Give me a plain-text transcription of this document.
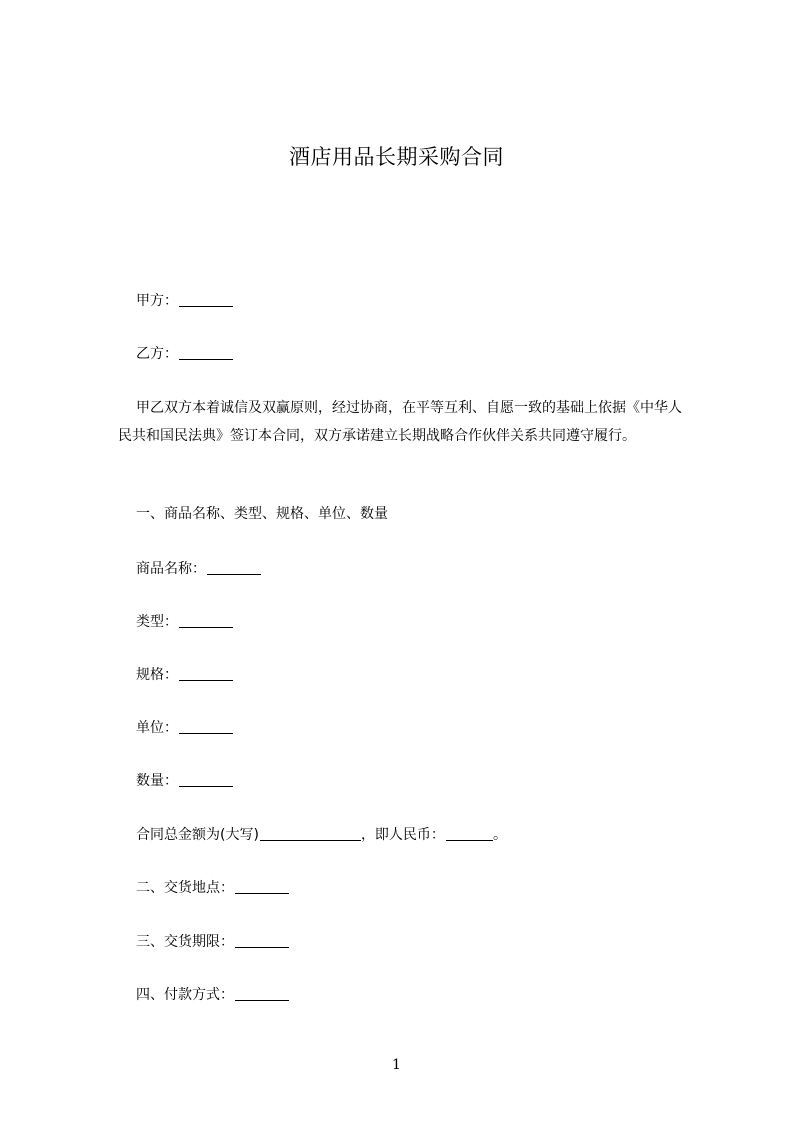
酒店用品长期采购合同
甲方：
乙方：
甲乙双方本着诚信及双赢原则，经过协商，在平等互利、自愿一致的基础上依据《中华人民共和国民法典》签订本合同，双方承诺建立长期战略合作伙伴关系共同遵守履行。
一、商品名称、类型、规格、单位、数量
商品名称：
类型：
规格：
单位：
数量：
合同总金额为(大写)	，即人民币：	。
二、交货地点：
三、交货期限：
四、付款方式：
1
